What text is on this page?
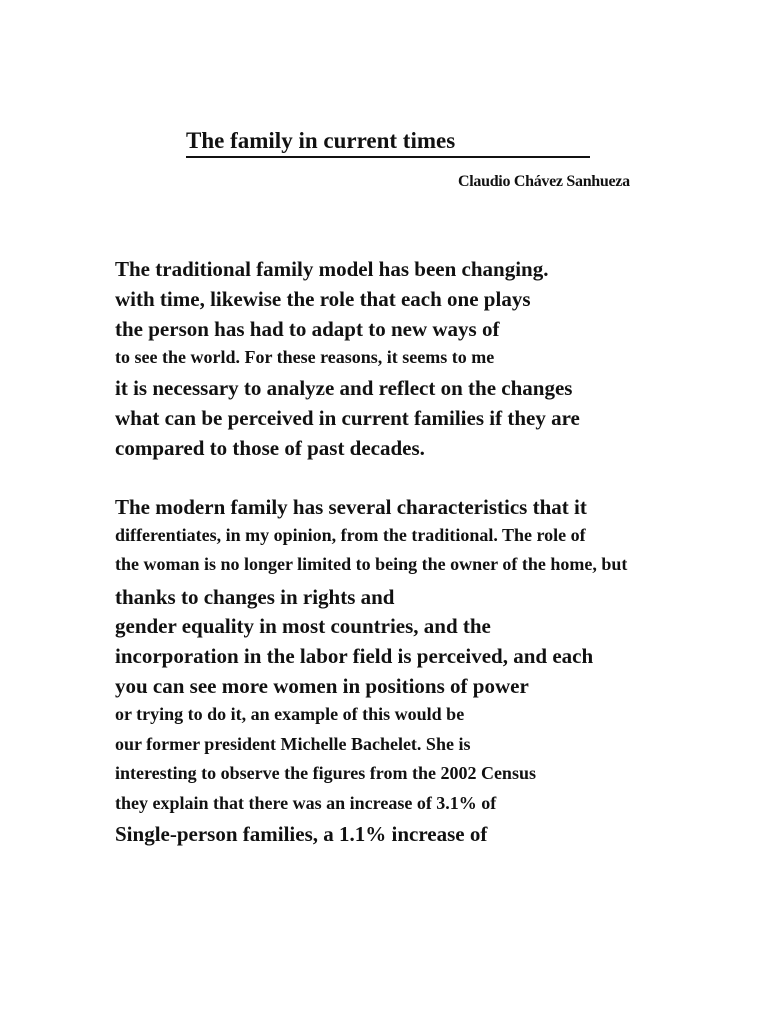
The family in current times
Claudio Chávez Sanhueza
The traditional family model has been changing.
with time, likewise the role that each one plays
the person has had to adapt to new ways of
to see the world. For these reasons, it seems to me
it is necessary to analyze and reflect on the changes
what can be perceived in current families if they are
compared to those of past decades.
The modern family has several characteristics that it
differentiates, in my opinion, from the traditional. The role of
the woman is no longer limited to being the owner of the home, but
thanks to changes in rights and
gender equality in most countries, and the
incorporation in the labor field is perceived, and each
you can see more women in positions of power
or trying to do it, an example of this would be
our former president Michelle Bachelet. She is
interesting to observe the figures from the 2002 Census
they explain that there was an increase of 3.1% of
Single-person families, a 1.1% increase of
